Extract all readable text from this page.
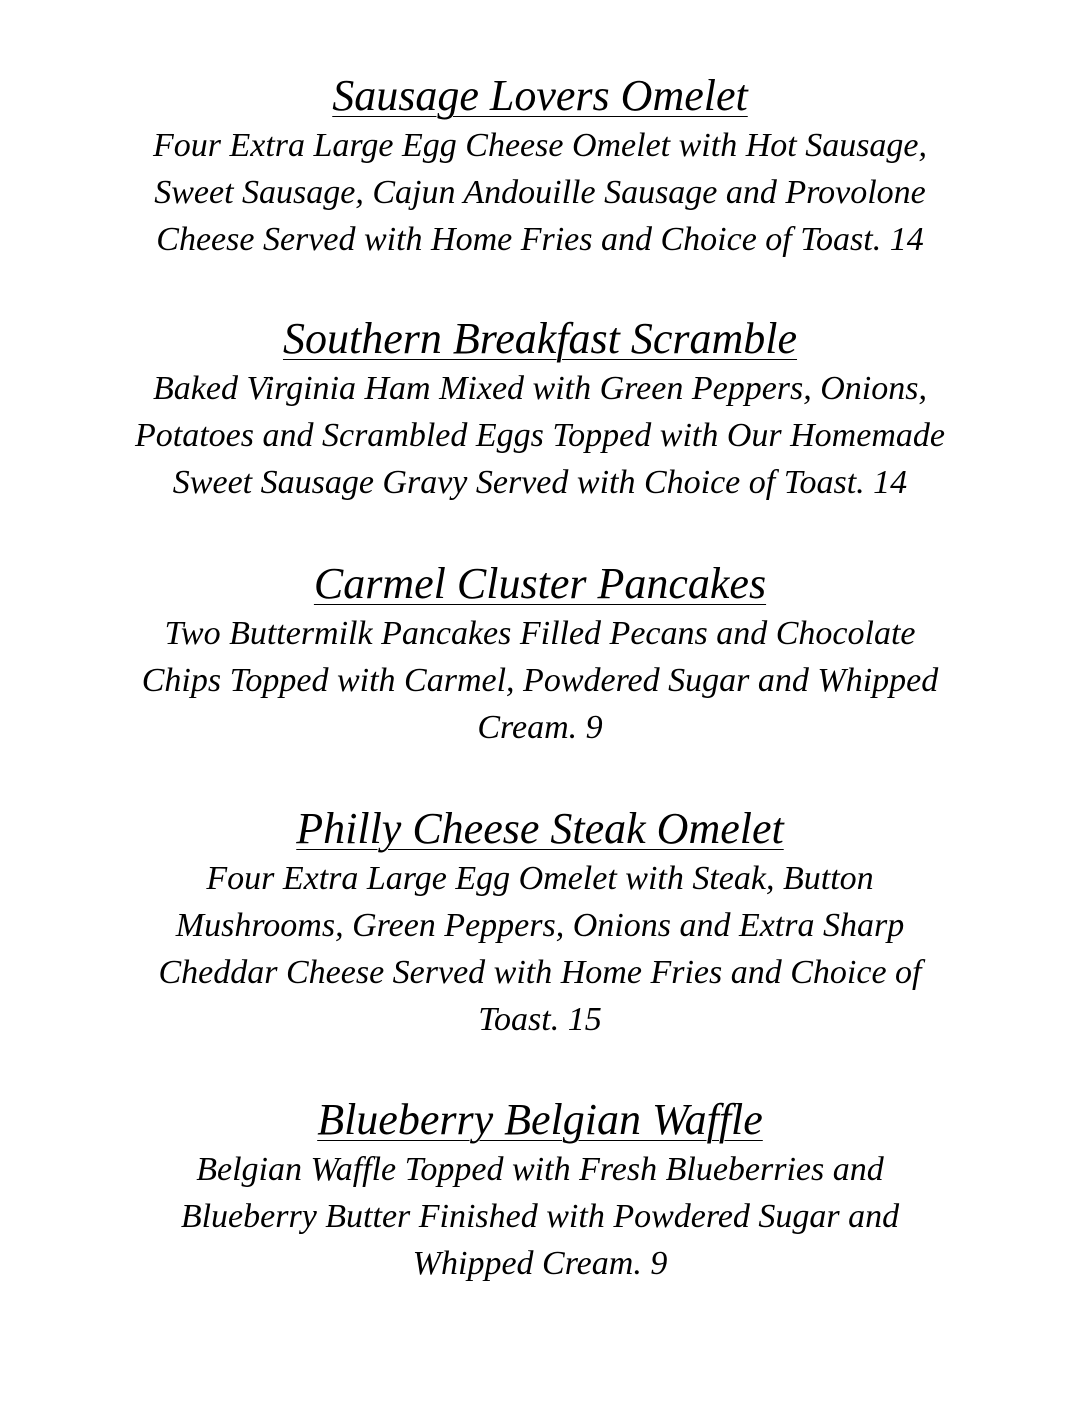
Sausage Lovers Omelet

Four Extra Large Egg Cheese Omelet with Hot Sausage,
Sweet Sausage, Cajun Andouille Sausage and Provolone
Cheese Served with Home Fries and Choice of Toast. 14

Southern Breakfast Scramble

Baked Virginia Ham Mixed with Green Peppers, Onions,
Potatoes and Scrambled Eggs Topped with Our Homemade
Sweet Sausage Gravy Served with Choice of Toast. 14

Carmel Cluster Pancakes

Two Buttermilk Pancakes Filled Pecans and Chocolate
Chips Topped with Carmel, Powdered Sugar and Whipped
Cream. 9

Philly Cheese Steak Omelet

Four Extra Large Egg Omelet with Steak, Button
Mushrooms, Green Peppers, Onions and Extra Sharp
Cheddar Cheese Served with Home Fries and Choice of
Toast. 15

Blueberry Belgian Waffle

Belgian Waffle Topped with Fresh Blueberries and
Blueberry Butter Finished with Powdered Sugar and
Whipped Cream. 9
